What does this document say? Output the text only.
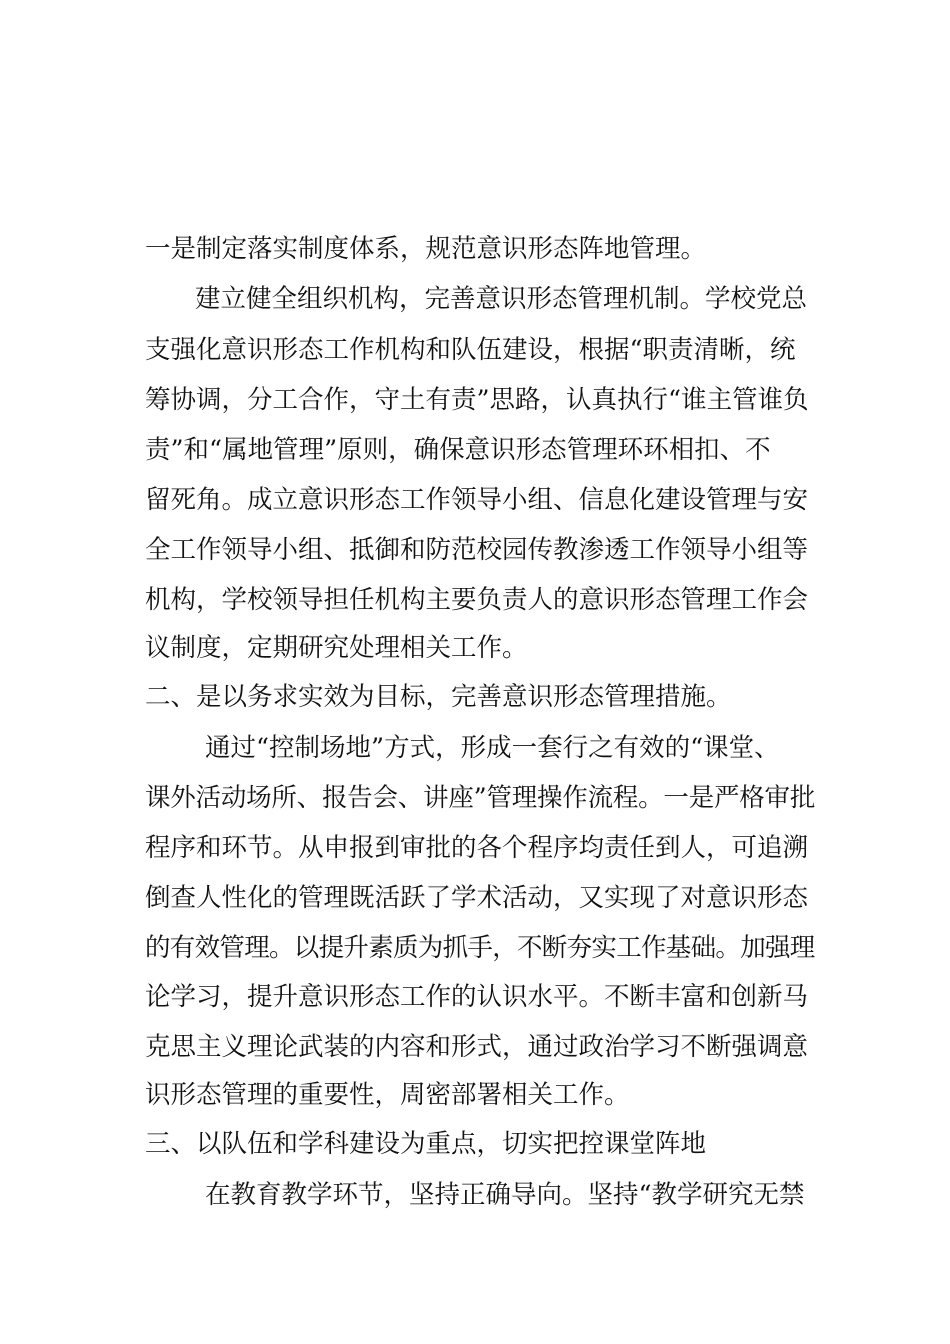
一是制定落实制度体系，规范意识形态阵地管理。
建立健全组织机构，完善意识形态管理机制。学校党总
支强化意识形态工作机构和队伍建设，根据“职责清晰，统
筹协调，分工合作，守土有责”思路，认真执行“谁主管谁负
责”和“属地管理”原则，确保意识形态管理环环相扣、不
留死角。成立意识形态工作领导小组、信息化建设管理与安
全工作领导小组、抵御和防范校园传教渗透工作领导小组等
机构，学校领导担任机构主要负责人的意识形态管理工作会
议制度，定期研究处理相关工作。
二、是以务求实效为目标，完善意识形态管理措施。
通过“控制场地”方式，形成一套行之有效的“课堂、
课外活动场所、报告会、讲座”管理操作流程。一是严格审批
程序和环节。从申报到审批的各个程序均责任到人，可追溯
倒查人性化的管理既活跃了学术活动，又实现了对意识形态
的有效管理。以提升素质为抓手，不断夯实工作基础。加强理
论学习，提升意识形态工作的认识水平。不断丰富和创新马
克思主义理论武装的内容和形式，通过政治学习不断强调意
识形态管理的重要性，周密部署相关工作。
三、以队伍和学科建设为重点，切实把控课堂阵地
在教育教学环节，坚持正确导向。坚持“教学研究无禁
